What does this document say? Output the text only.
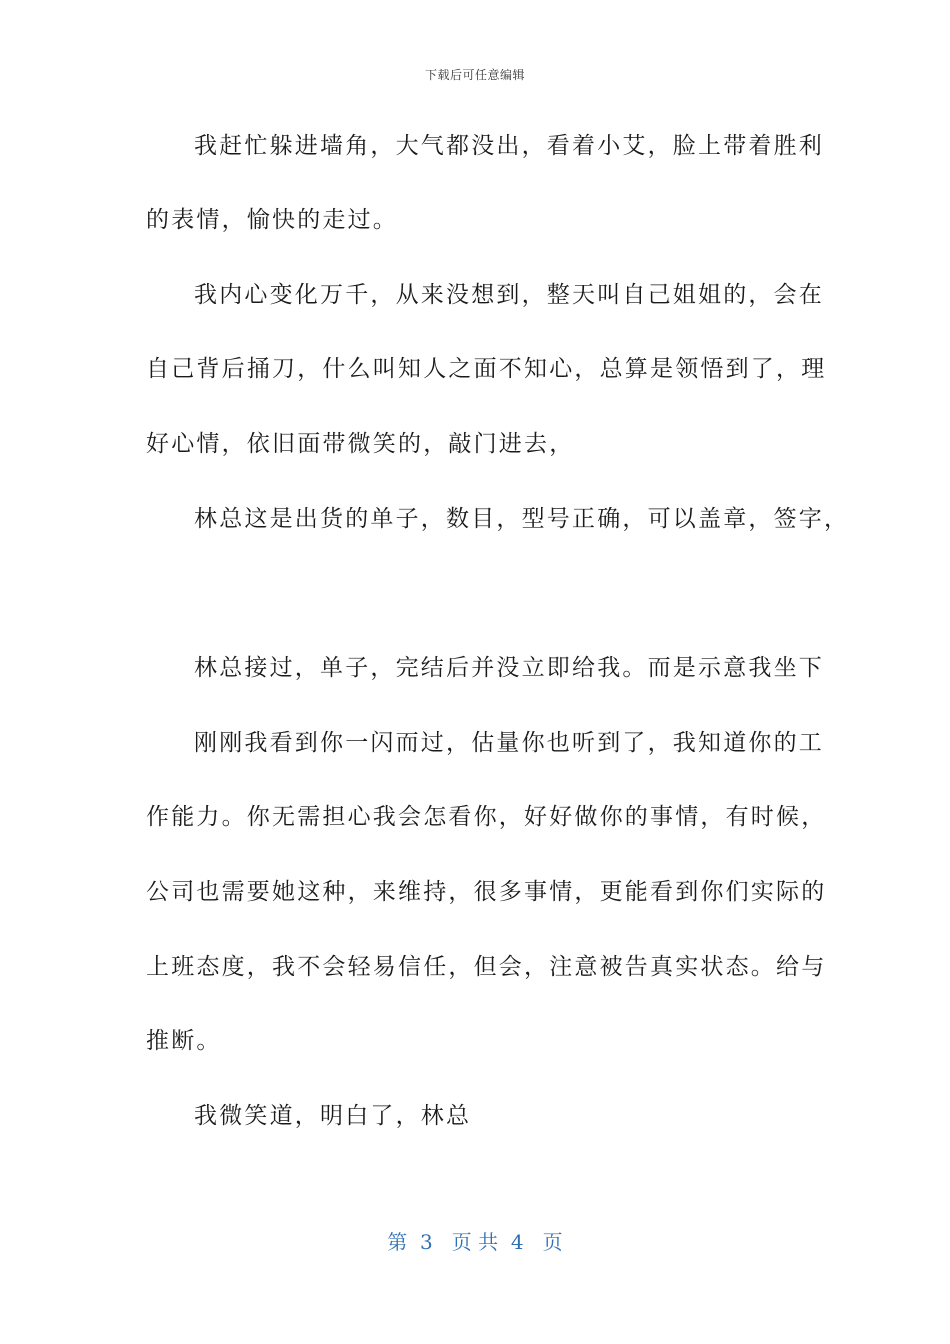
下载后可任意编辑
我赶忙躲进墙角，大气都没出，看着小艾，脸上带着胜利
的表情，愉快的走过。
我内心变化万千，从来没想到，整天叫自己姐姐的，会在
自己背后捅刀，什么叫知人之面不知心，总算是领悟到了，理
好心情，依旧面带微笑的，敲门进去，
林总这是出货的单子，数目，型号正确，可以盖章，签字，
林总接过，单子，完结后并没立即给我。而是示意我坐下
刚刚我看到你一闪而过，估量你也听到了，我知道你的工
作能力。你无需担心我会怎看你，好好做你的事情，有时候，
公司也需要她这种，来维持，很多事情，更能看到你们实际的
上班态度，我不会轻易信任，但会，注意被告真实状态。给与
推断。
我微笑道，明白了，林总
第  3   页 共  4   页
